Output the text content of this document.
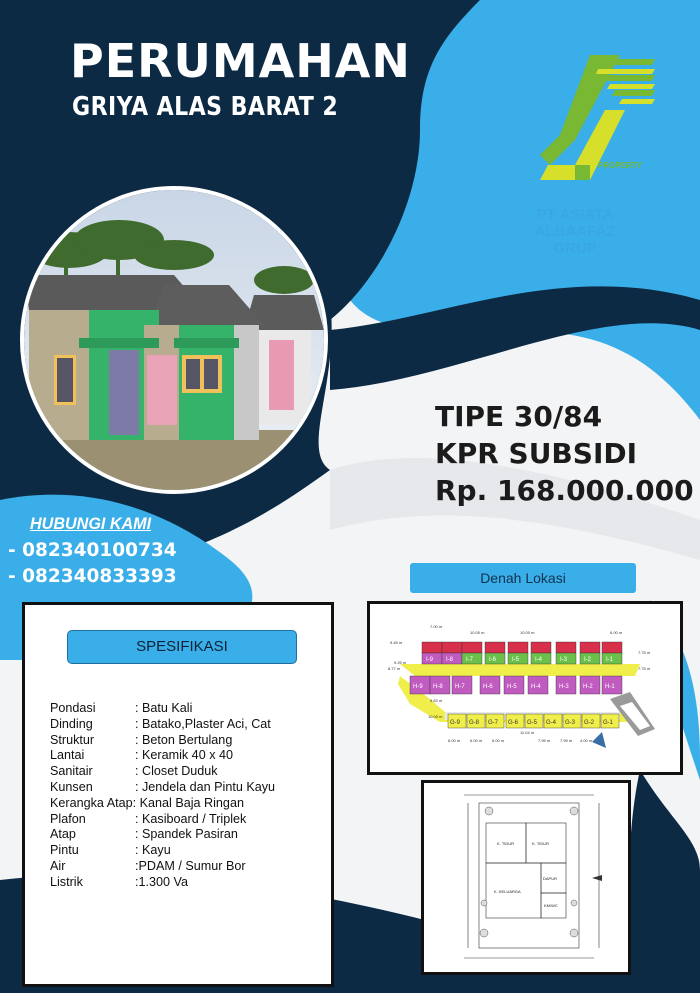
PERUMAHAN
GRIYA ALAS BARAT 2
PROPERTY
PT ASIATA ALBAAFAZ
GRUP
TIPE 30/84
KPR SUBSIDI
Rp. 168.000.000
HUBUNGI KAMI
- 082340100734
- 082340833393	Denah Lokasi
SPESIFIKASI
Pondasi	: Batu Kali
Dinding	: Batako,Plaster Aci, Cat
Struktur	: Beton Bertulang
Lantai	: Keramik 40 x 40
Sanitair	: Closet Duduk
Kunsen	: Jendela dan Pintu Kayu
Kerangka Atap: Kanal Baja Ringan
Plafon	: Kasiboard / Triplek
Atap	: Spandek Pasiran
Pintu	: Kayu
Air	:PDAM / Sumur Bor
Listrik	:1.300 Va
I-9 I-8 I-7	I-6	I-5	I-4	I-3	I-2 I-1
H-9 H-8 H-7	H-6 H-5 H-4	H-3 H-2 H-1
G-9 G-8 G-7 G-6 G-5 G-4 G-3 G-2 G-1
7.00 m
10.00 m	10.00 m	6.00 m
9.45 m
8.77 m
9.25 m
7.75 m
7.75 m
9.63 m
10.00 m
11.04 m
6.00 m 6.00 m 6.00 m	7.99 m 7.99 m 4.00 m
K. TIDUR	K. TIDUR
K. KELUARGA
DAPUR
KM/WC
